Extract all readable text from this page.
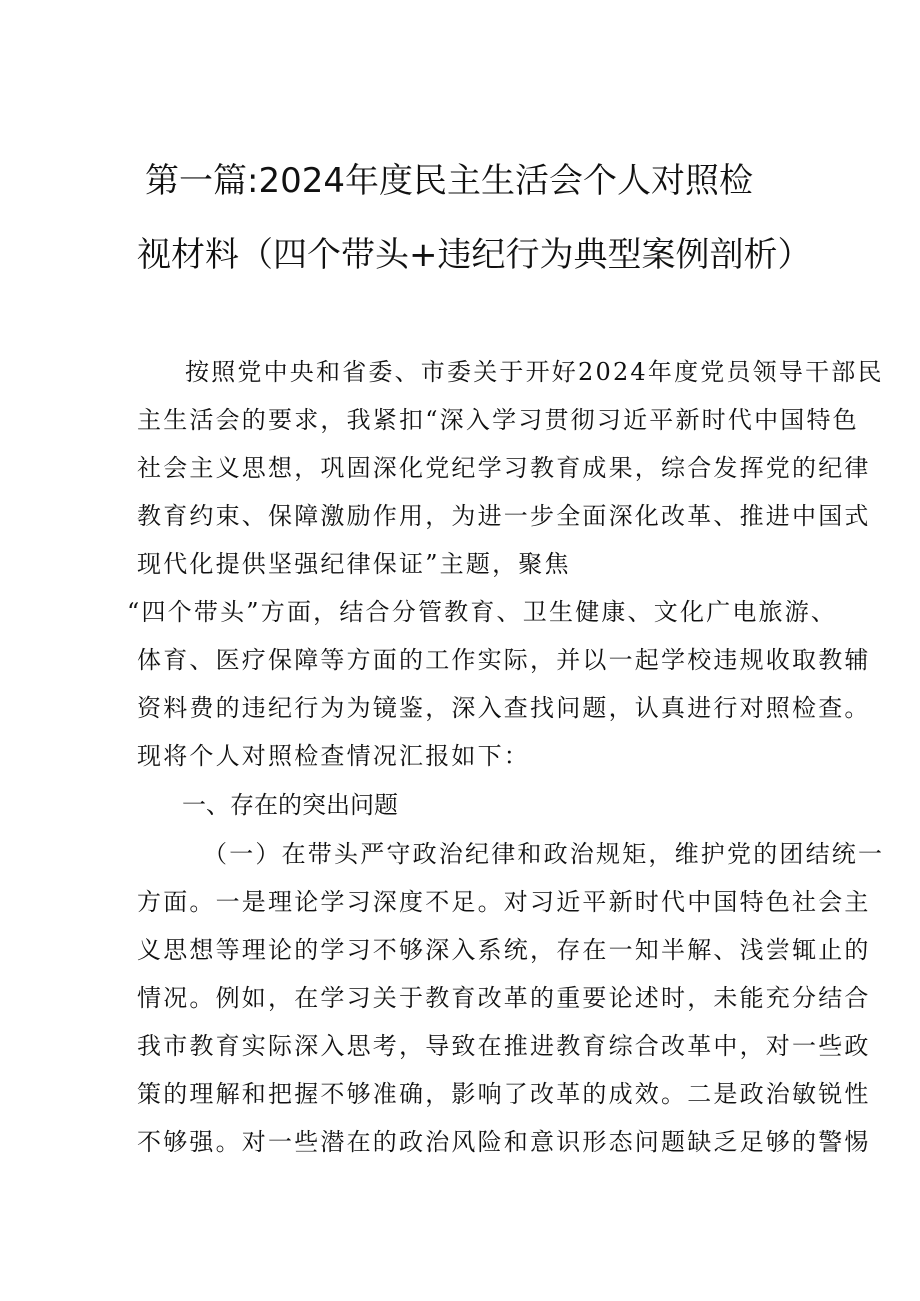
第一篇:2024年度民主生活会个人对照检
视材料（四个带头+违纪行为典型案例剖析）
按照党中央和省委、市委关于开好2024年度党员领导干部民
主生活会的要求，我紧扣“深入学习贯彻习近平新时代中国特色
社会主义思想，巩固深化党纪学习教育成果，综合发挥党的纪律
教育约束、保障激励作用，为进一步全面深化改革、推进中国式
现代化提供坚强纪律保证”主题，聚焦
“四个带头”方面，结合分管教育、卫生健康、文化广电旅游、
体育、医疗保障等方面的工作实际，并以一起学校违规收取教辅
资料费的违纪行为为镜鉴，深入查找问题，认真进行对照检查。
现将个人对照检查情况汇报如下：
一、存在的突出问题
（一）在带头严守政治纪律和政治规矩，维护党的团结统一
方面。一是理论学习深度不足。对习近平新时代中国特色社会主
义思想等理论的学习不够深入系统，存在一知半解、浅尝辄止的
情况。例如，在学习关于教育改革的重要论述时，未能充分结合
我市教育实际深入思考，导致在推进教育综合改革中，对一些政
策的理解和把握不够准确，影响了改革的成效。二是政治敏锐性
不够强。对一些潜在的政治风险和意识形态问题缺乏足够的警惕
